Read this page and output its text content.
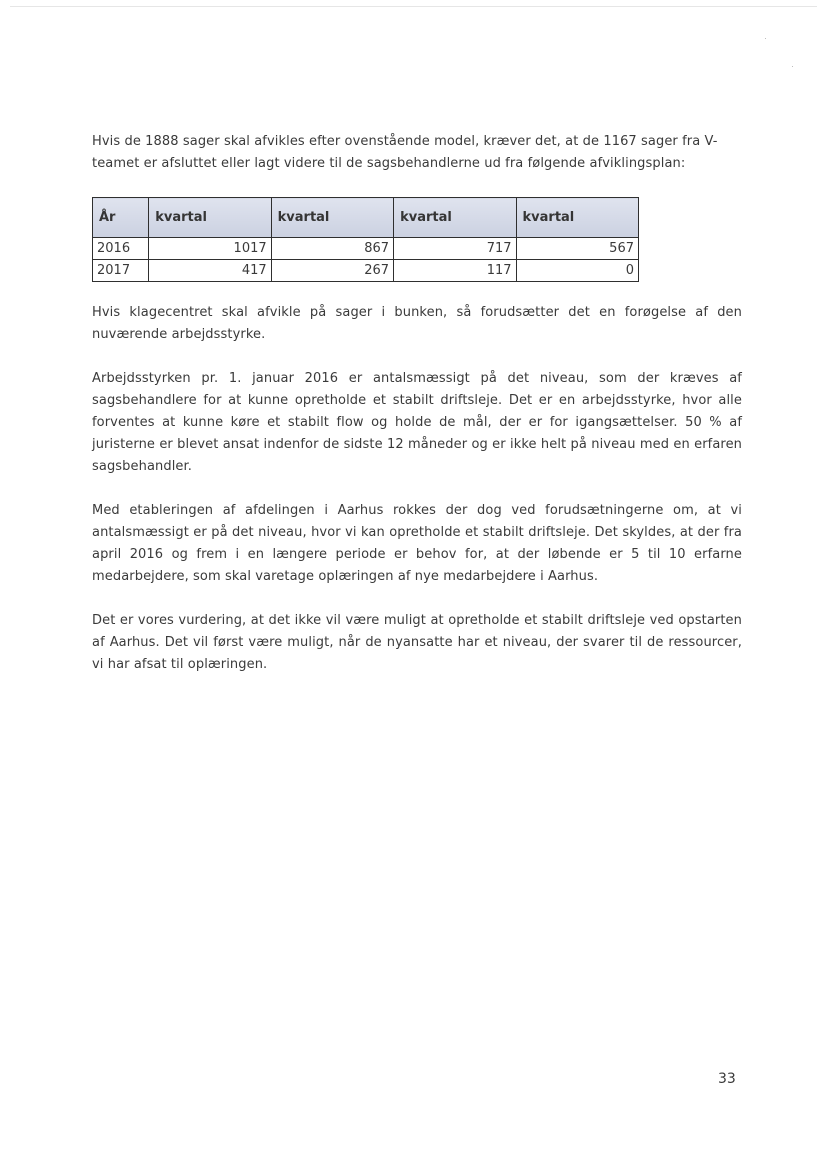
Hvis de 1888 sager skal afvikles efter ovenstående model, kræver det, at de 1167 sager fra V-teamet er afsluttet eller lagt videre til de sagsbehandlerne ud fra følgende afviklingsplan:

År	kvartal	kvartal	kvartal	kvartal
2016	1017	867	717	567
2017	417	267	117	0

Hvis klagecentret skal afvikle på sager i bunken, så forudsætter det en forøgelse af den nuværende arbejdsstyrke.

Arbejdsstyrken pr. 1. januar 2016 er antalsmæssigt på det niveau, som der kræves af sagsbehandlere for at kunne opretholde et stabilt driftsleje. Det er en arbejdsstyrke, hvor alle forventes at kunne køre et stabilt flow og holde de mål, der er for igangsættelser. 50 % af juristerne er blevet ansat indenfor de sidste 12 måneder og er ikke helt på niveau med en erfaren sagsbehandler.

Med etableringen af afdelingen i Aarhus rokkes der dog ved forudsætningerne om, at vi antalsmæssigt er på det niveau, hvor vi kan opretholde et stabilt driftsleje. Det skyldes, at der fra april 2016 og frem i en længere periode er behov for, at der løbende er 5 til 10 erfarne medarbejdere, som skal varetage oplæringen af nye medarbejdere i Aarhus.

Det er vores vurdering, at det ikke vil være muligt at opretholde et stabilt driftsleje ved opstarten af Aarhus. Det vil først være muligt, når de nyansatte har et niveau, der svarer til de ressourcer, vi har afsat til oplæringen.

33
